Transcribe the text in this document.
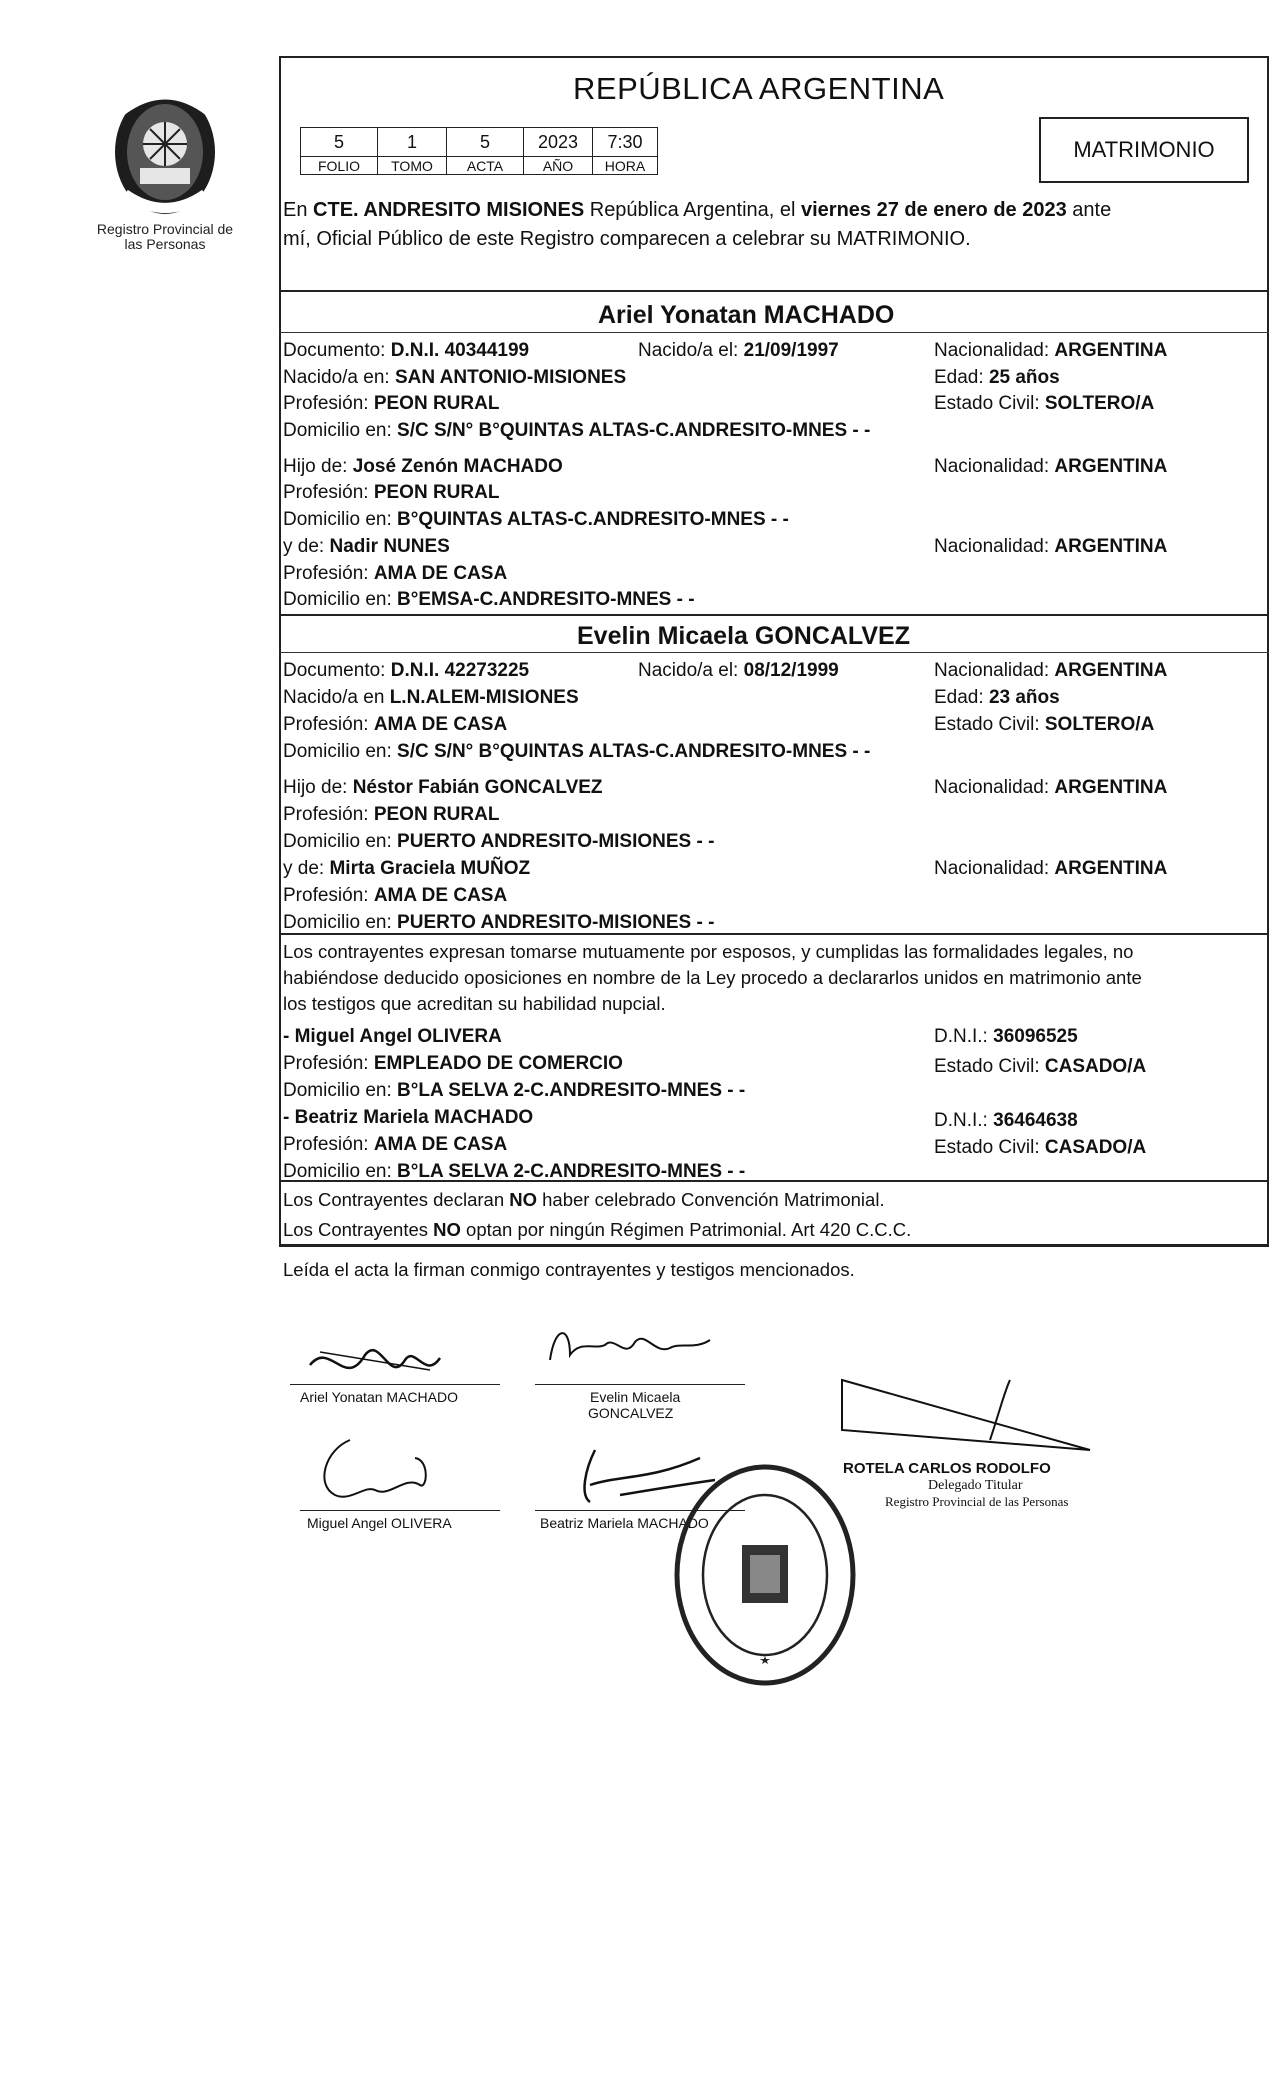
Registro Provincial de las Personas
REPÚBLICA ARGENTINA
5	1	5	2023	7:30
FOLIO	TOMO	ACTA	AÑO	HORA
MATRIMONIO
En CTE. ANDRESITO MISIONES República Argentina, el viernes 27 de enero de 2023 ante
mí, Oficial Público de este Registro comparecen a celebrar su MATRIMONIO.
Ariel Yonatan MACHADO
Documento: D.N.I. 40344199	Nacido/a el: 21/09/1997	Nacionalidad: ARGENTINA
Nacido/a en: SAN ANTONIO-MISIONES	Edad: 25 años
Profesión: PEON RURAL	Estado Civil: SOLTERO/A
Domicilio en: S/C S/N° B°QUINTAS ALTAS-C.ANDRESITO-MNES - -
Hijo de: José Zenón MACHADO	Nacionalidad: ARGENTINA
Profesión: PEON RURAL
Domicilio en: B°QUINTAS ALTAS-C.ANDRESITO-MNES - -
y de: Nadir NUNES	Nacionalidad: ARGENTINA
Profesión: AMA DE CASA
Domicilio en: B°EMSA-C.ANDRESITO-MNES - -
Evelin Micaela GONCALVEZ
Documento: D.N.I. 42273225	Nacido/a el: 08/12/1999	Nacionalidad: ARGENTINA
Nacido/a en L.N.ALEM-MISIONES	Edad: 23 años
Profesión: AMA DE CASA	Estado Civil: SOLTERO/A
Domicilio en: S/C S/N° B°QUINTAS ALTAS-C.ANDRESITO-MNES - -
Hijo de: Néstor Fabián GONCALVEZ	Nacionalidad: ARGENTINA
Profesión: PEON RURAL
Domicilio en: PUERTO ANDRESITO-MISIONES - -
y de: Mirta Graciela MUÑOZ	Nacionalidad: ARGENTINA
Profesión: AMA DE CASA
Domicilio en: PUERTO ANDRESITO-MISIONES - -
Los contrayentes expresan tomarse mutuamente por esposos, y cumplidas las formalidades legales, no
habiéndose deducido oposiciones en nombre de la Ley procedo a declararlos unidos en matrimonio ante
los testigos que acreditan su habilidad nupcial.
- Miguel Angel OLIVERA	D.N.I.: 36096525
Profesión: EMPLEADO DE COMERCIO	Estado Civil: CASADO/A
Domicilio en: B°LA SELVA 2-C.ANDRESITO-MNES - -
- Beatriz Mariela MACHADO	D.N.I.: 36464638
Profesión: AMA DE CASA	Estado Civil: CASADO/A
Domicilio en: B°LA SELVA 2-C.ANDRESITO-MNES - -
Los Contrayentes declaran NO haber celebrado Convención Matrimonial.
Los Contrayentes NO optan por ningún Régimen Patrimonial. Art 420 C.C.C.
Leída el acta la firman conmigo contrayentes y testigos mencionados.
Ariel Yonatan MACHADO	Evelin Micaela
GONCALVEZ
Miguel Angel OLIVERA	Beatriz Mariela MACHADO
ROTELA CARLOS RODOLFO
Delegado Titular
Registro Provincial de las Personas
